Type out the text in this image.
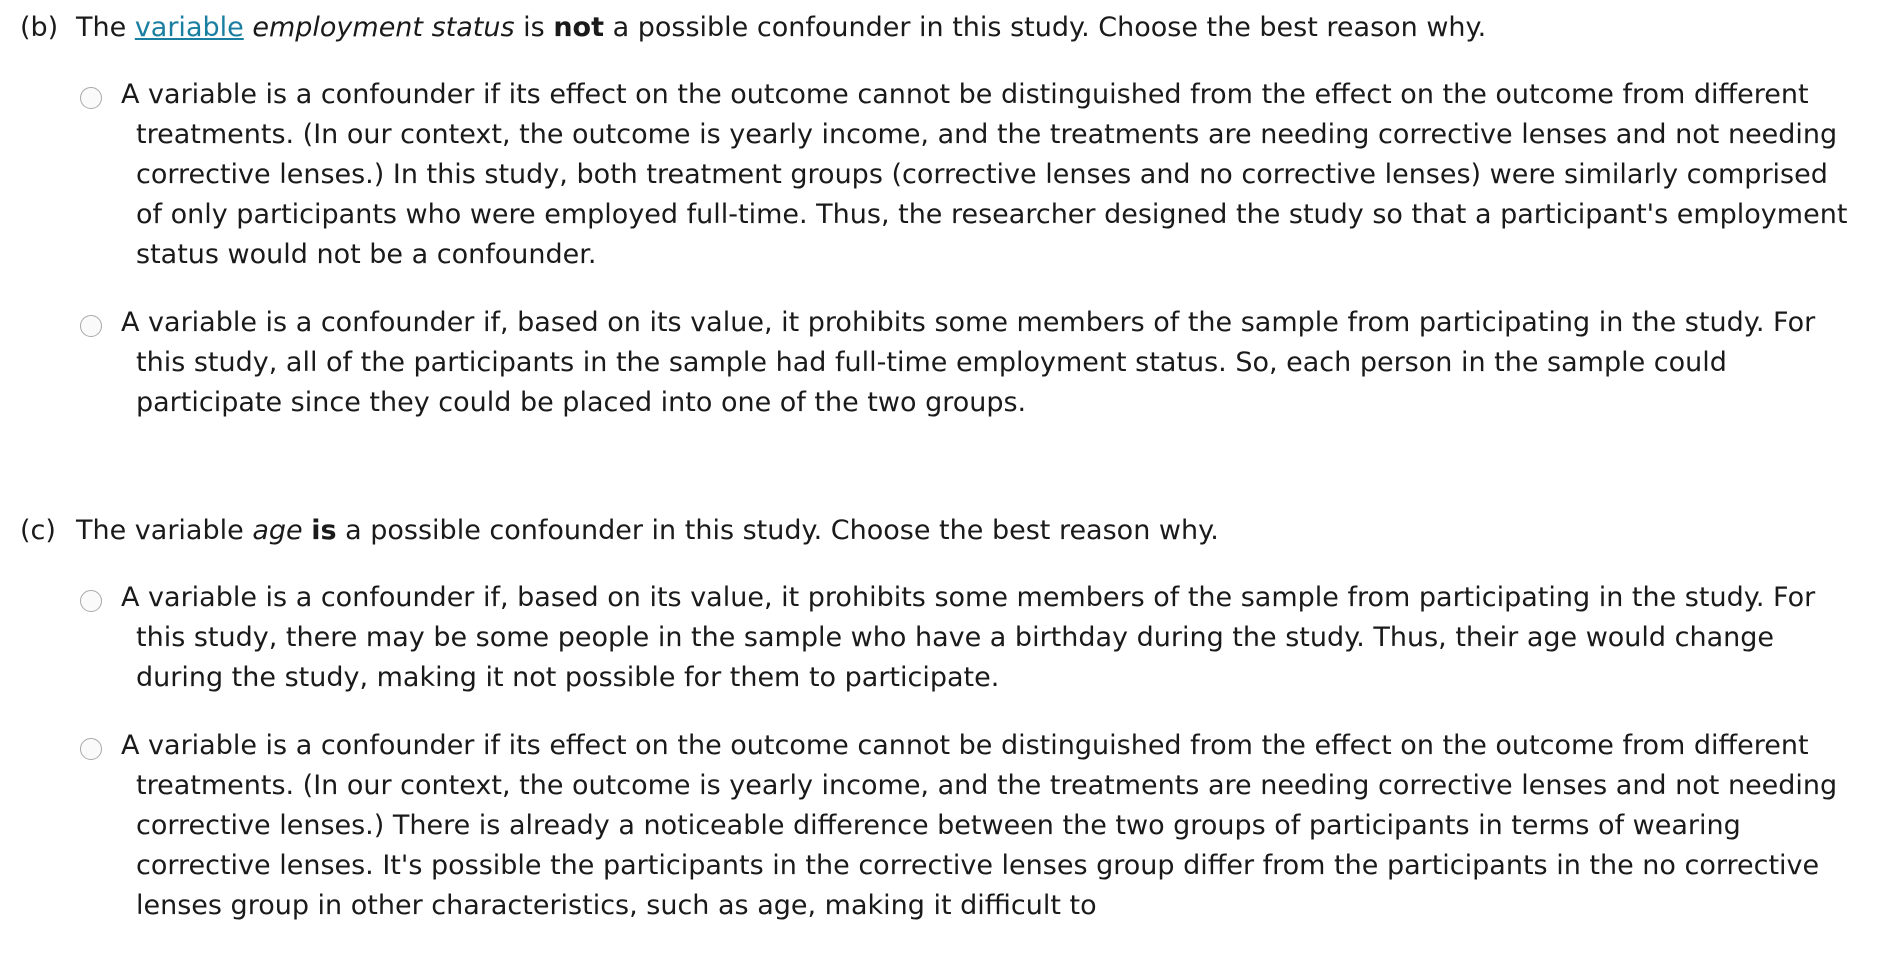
(b) The variable employment status is not a possible confounder in this study. Choose the best reason why.

A variable is a confounder if its effect on the outcome cannot be distinguished from the effect on the outcome from different treatments. (In our context, the outcome is yearly income, and the treatments are needing corrective lenses and not needing corrective lenses.) In this study, both treatment groups (corrective lenses and no corrective lenses) were similarly comprised of only participants who were employed full-time. Thus, the researcher designed the study so that a participant's employment status would not be a confounder.
A variable is a confounder if, based on its value, it prohibits some members of the sample from participating in the study. For this study, all of the participants in the sample had full-time employment status. So, each person in the sample could participate since they could be placed into one of the two groups.

(c) The variable age is a possible confounder in this study. Choose the best reason why.

A variable is a confounder if, based on its value, it prohibits some members of the sample from participating in the study. For this study, there may be some people in the sample who have a birthday during the study. Thus, their age would change during the study, making it not possible for them to participate.
A variable is a confounder if its effect on the outcome cannot be distinguished from the effect on the outcome from different treatments. (In our context, the outcome is yearly income, and the treatments are needing corrective lenses and not needing corrective lenses.) There is already a noticeable difference between the two groups of participants in terms of wearing corrective lenses. It's possible the participants in the corrective lenses group differ from the participants in the no corrective lenses group in other characteristics, such as age, making it difficult to
